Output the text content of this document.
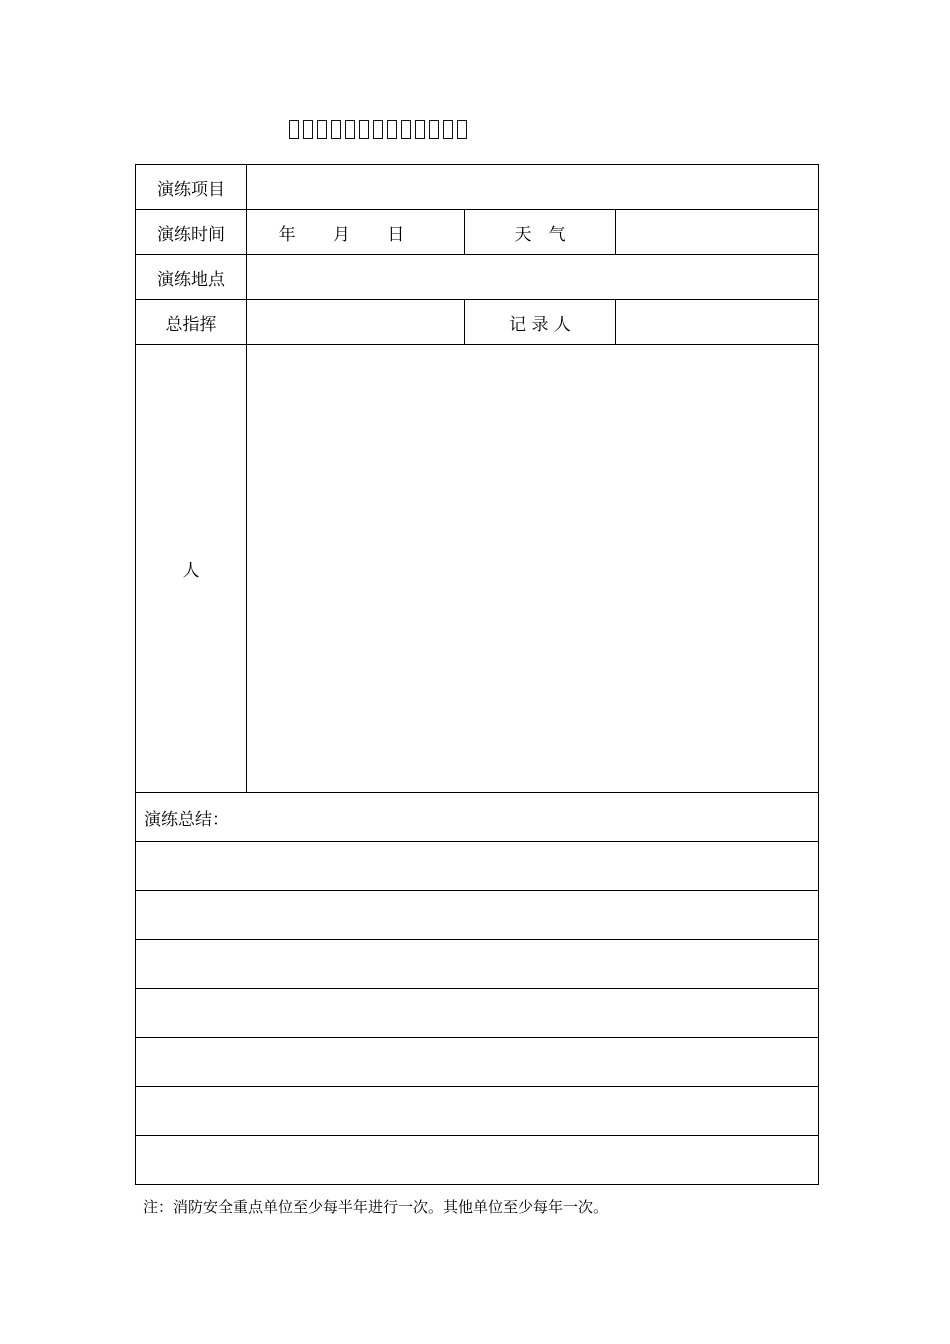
演练项目			
演练时间	年 月 日	天　气	
演练地点			
总指挥		记 录 人	
人			
演练总结：			

注：消防安全重点单位至少每半年进行一次。其他单位至少每年一次。
